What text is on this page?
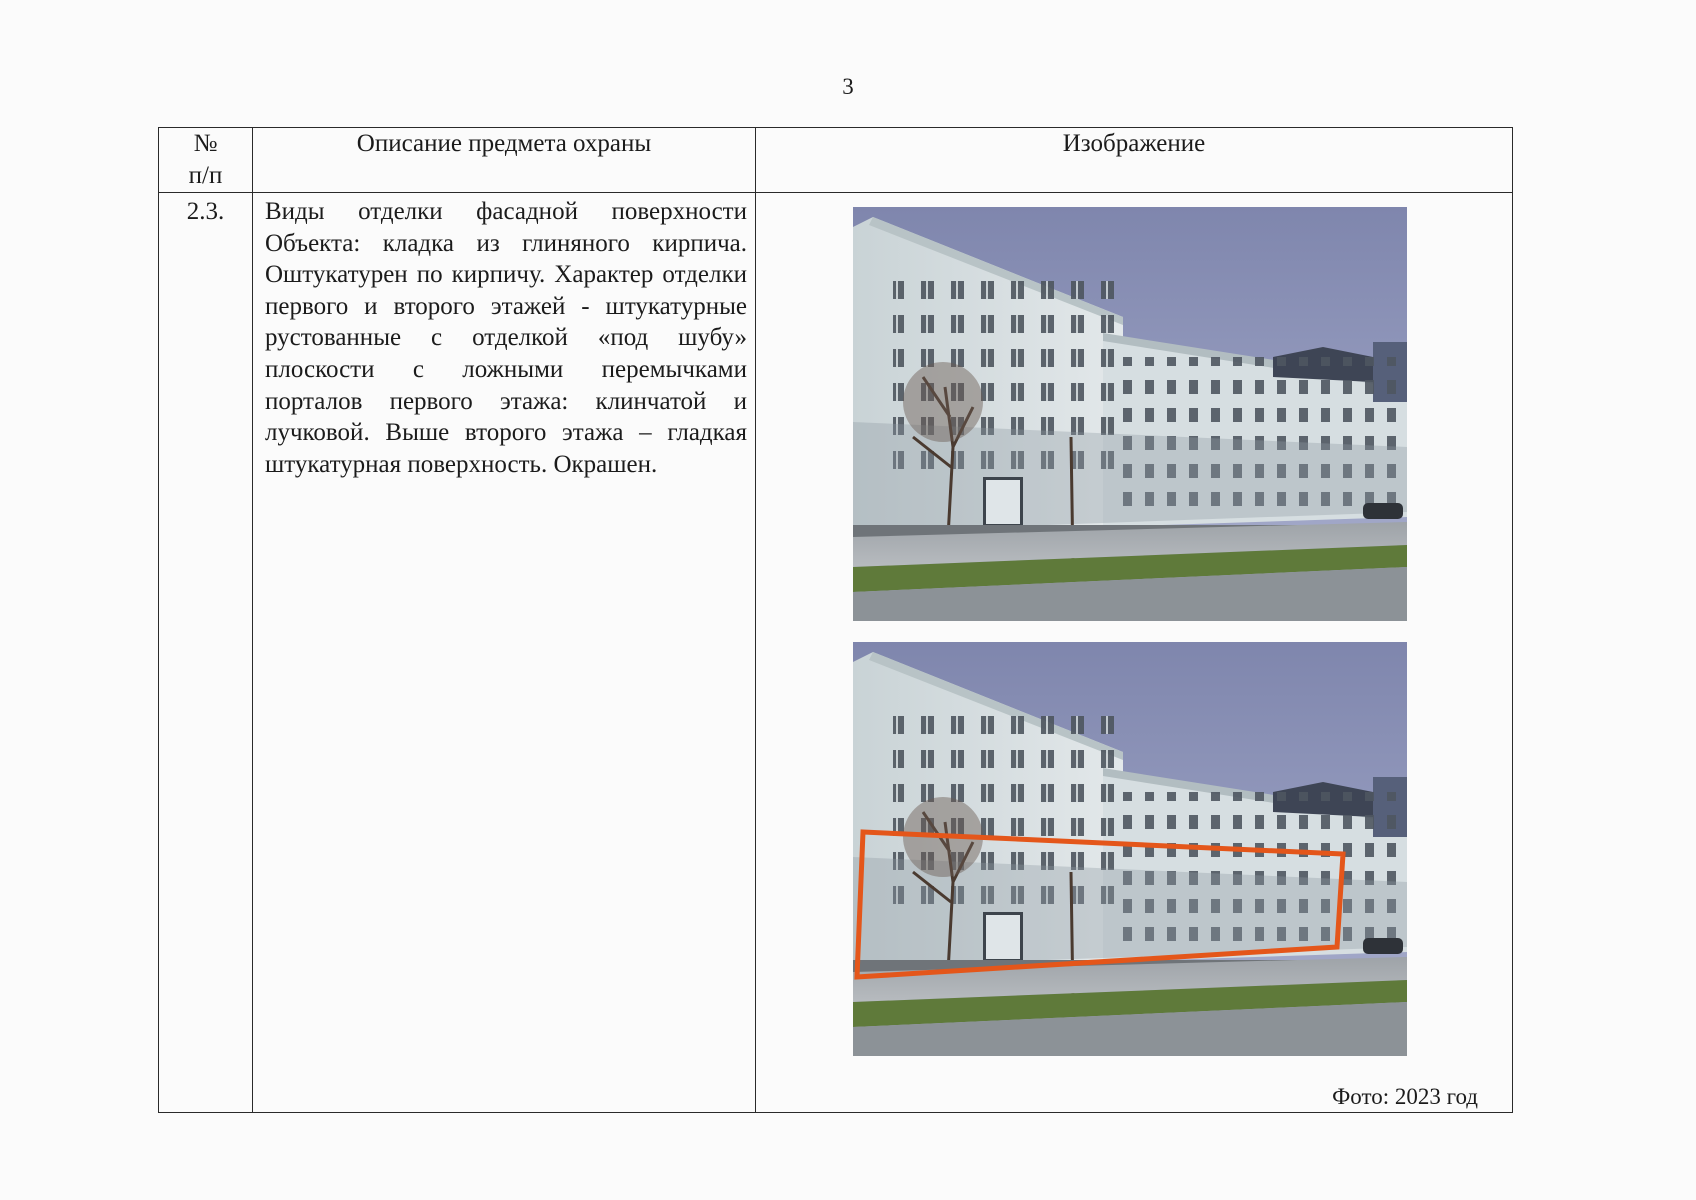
3
№
п/п	Описание предмета охраны	Изображение
2.3.	Виды отделки фасадной поверхности Объекта: кладка из глиняного кирпича. Оштукатурен по кирпичу. Характер отделки первого и второго этажей - штукатурные рустованные с отделкой «под шубу» плоскости с ложными перемычками порталов первого этажа: клинчатой и лучковой. Выше второго этажа – гладкая штукатурная поверхность. Окрашен.	Фото: 2023 год
